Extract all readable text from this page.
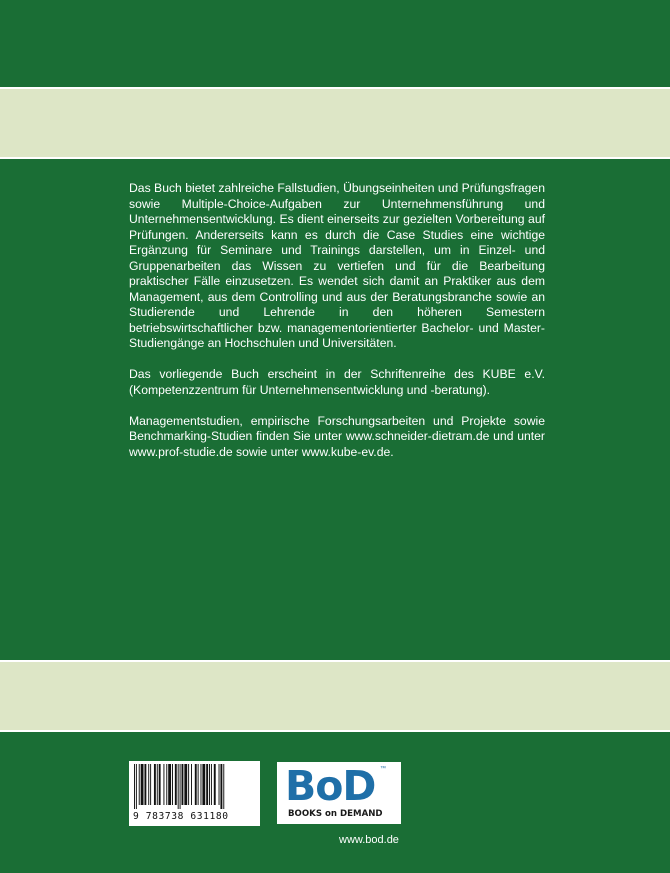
Das Buch bietet zahlreiche Fallstudien, Übungseinheiten und Prüfungsfragen sowie Multiple-Choice-Aufgaben zur Unternehmensführung und Unternehmensentwicklung. Es dient einerseits zur gezielten Vorbereitung auf Prüfungen. Andererseits kann es durch die Case Studies eine wichtige Ergänzung für Seminare und Trainings darstellen, um in Einzel- und Gruppenarbeiten das Wissen zu vertiefen und für die Bearbeitung praktischer Fälle einzusetzen. Es wendet sich damit an Praktiker aus dem Management, aus dem Controlling und aus der Beratungsbranche sowie an Studierende und Lehrende in den höheren Semestern betriebswirtschaftlicher bzw. managementorientierter Bachelor- und Master-Studiengänge an Hochschulen und Universitäten.

Das vorliegende Buch erscheint in der Schriftenreihe des KUBE e.V. (Kompetenzzentrum für Unternehmensentwicklung und -beratung).

Managementstudien, empirische Forschungsarbeiten und Projekte sowie Benchmarking-Studien finden Sie unter www.schneider-dietram.de und unter www.prof-studie.de sowie unter www.kube-ev.de.

9 783738 631180
BoD ™
BOOKS on DEMAND
www.bod.de
